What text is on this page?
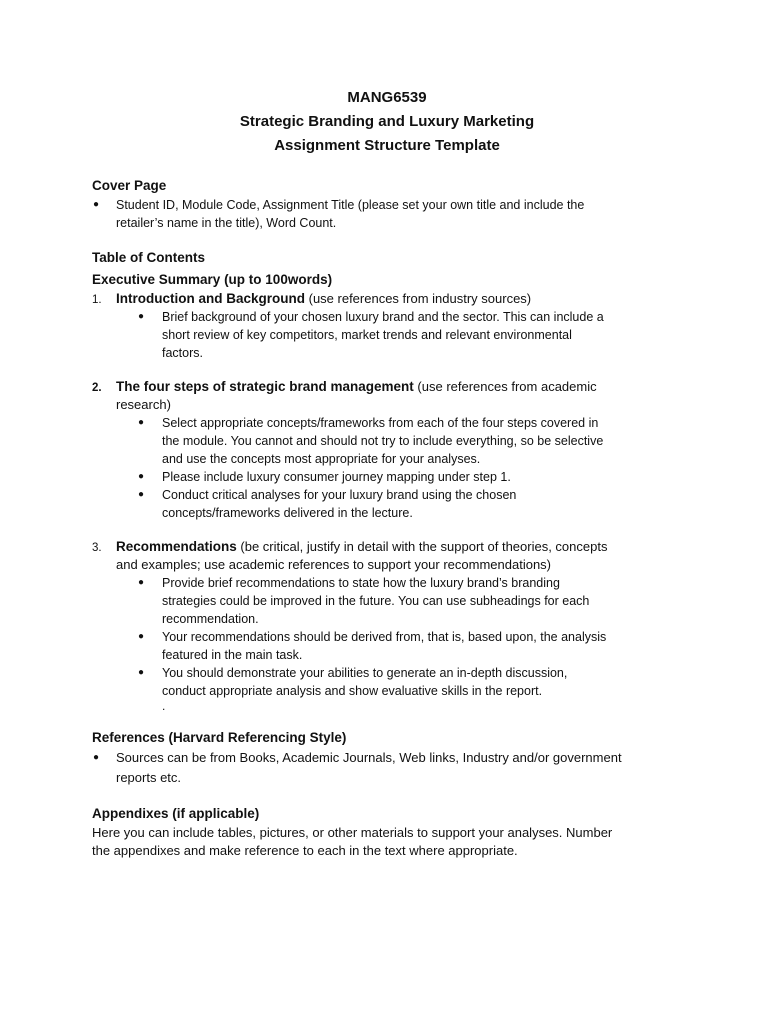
MANG6539
Strategic Branding and Luxury Marketing
Assignment Structure Template
Cover Page
● Student ID, Module Code, Assignment Title (please set your own title and include the
retailer’s name in the title), Word Count.
Table of Contents
Executive Summary (up to 100words)
1. Introduction and Background (use references from industry sources)
● Brief background of your chosen luxury brand and the sector. This can include a
short review of key competitors, market trends and relevant environmental
factors.
2. The four steps of strategic brand management (use references from academic
research)
● Select appropriate concepts/frameworks from each of the four steps covered in
the module. You cannot and should not try to include everything, so be selective
and use the concepts most appropriate for your analyses.
● Please include luxury consumer journey mapping under step 1.
● Conduct critical analyses for your luxury brand using the chosen
concepts/frameworks delivered in the lecture.
3. Recommendations (be critical, justify in detail with the support of theories, concepts
and examples; use academic references to support your recommendations)
● Provide brief recommendations to state how the luxury brand’s branding
strategies could be improved in the future. You can use subheadings for each
recommendation.
● Your recommendations should be derived from, that is, based upon, the analysis
featured in the main task.
● You should demonstrate your abilities to generate an in-depth discussion,
conduct appropriate analysis and show evaluative skills in the report.
.
References (Harvard Referencing Style)
● Sources can be from Books, Academic Journals, Web links, Industry and/or government
reports etc.
Appendixes (if applicable)
Here you can include tables, pictures, or other materials to support your analyses. Number
the appendixes and make reference to each in the text where appropriate.
